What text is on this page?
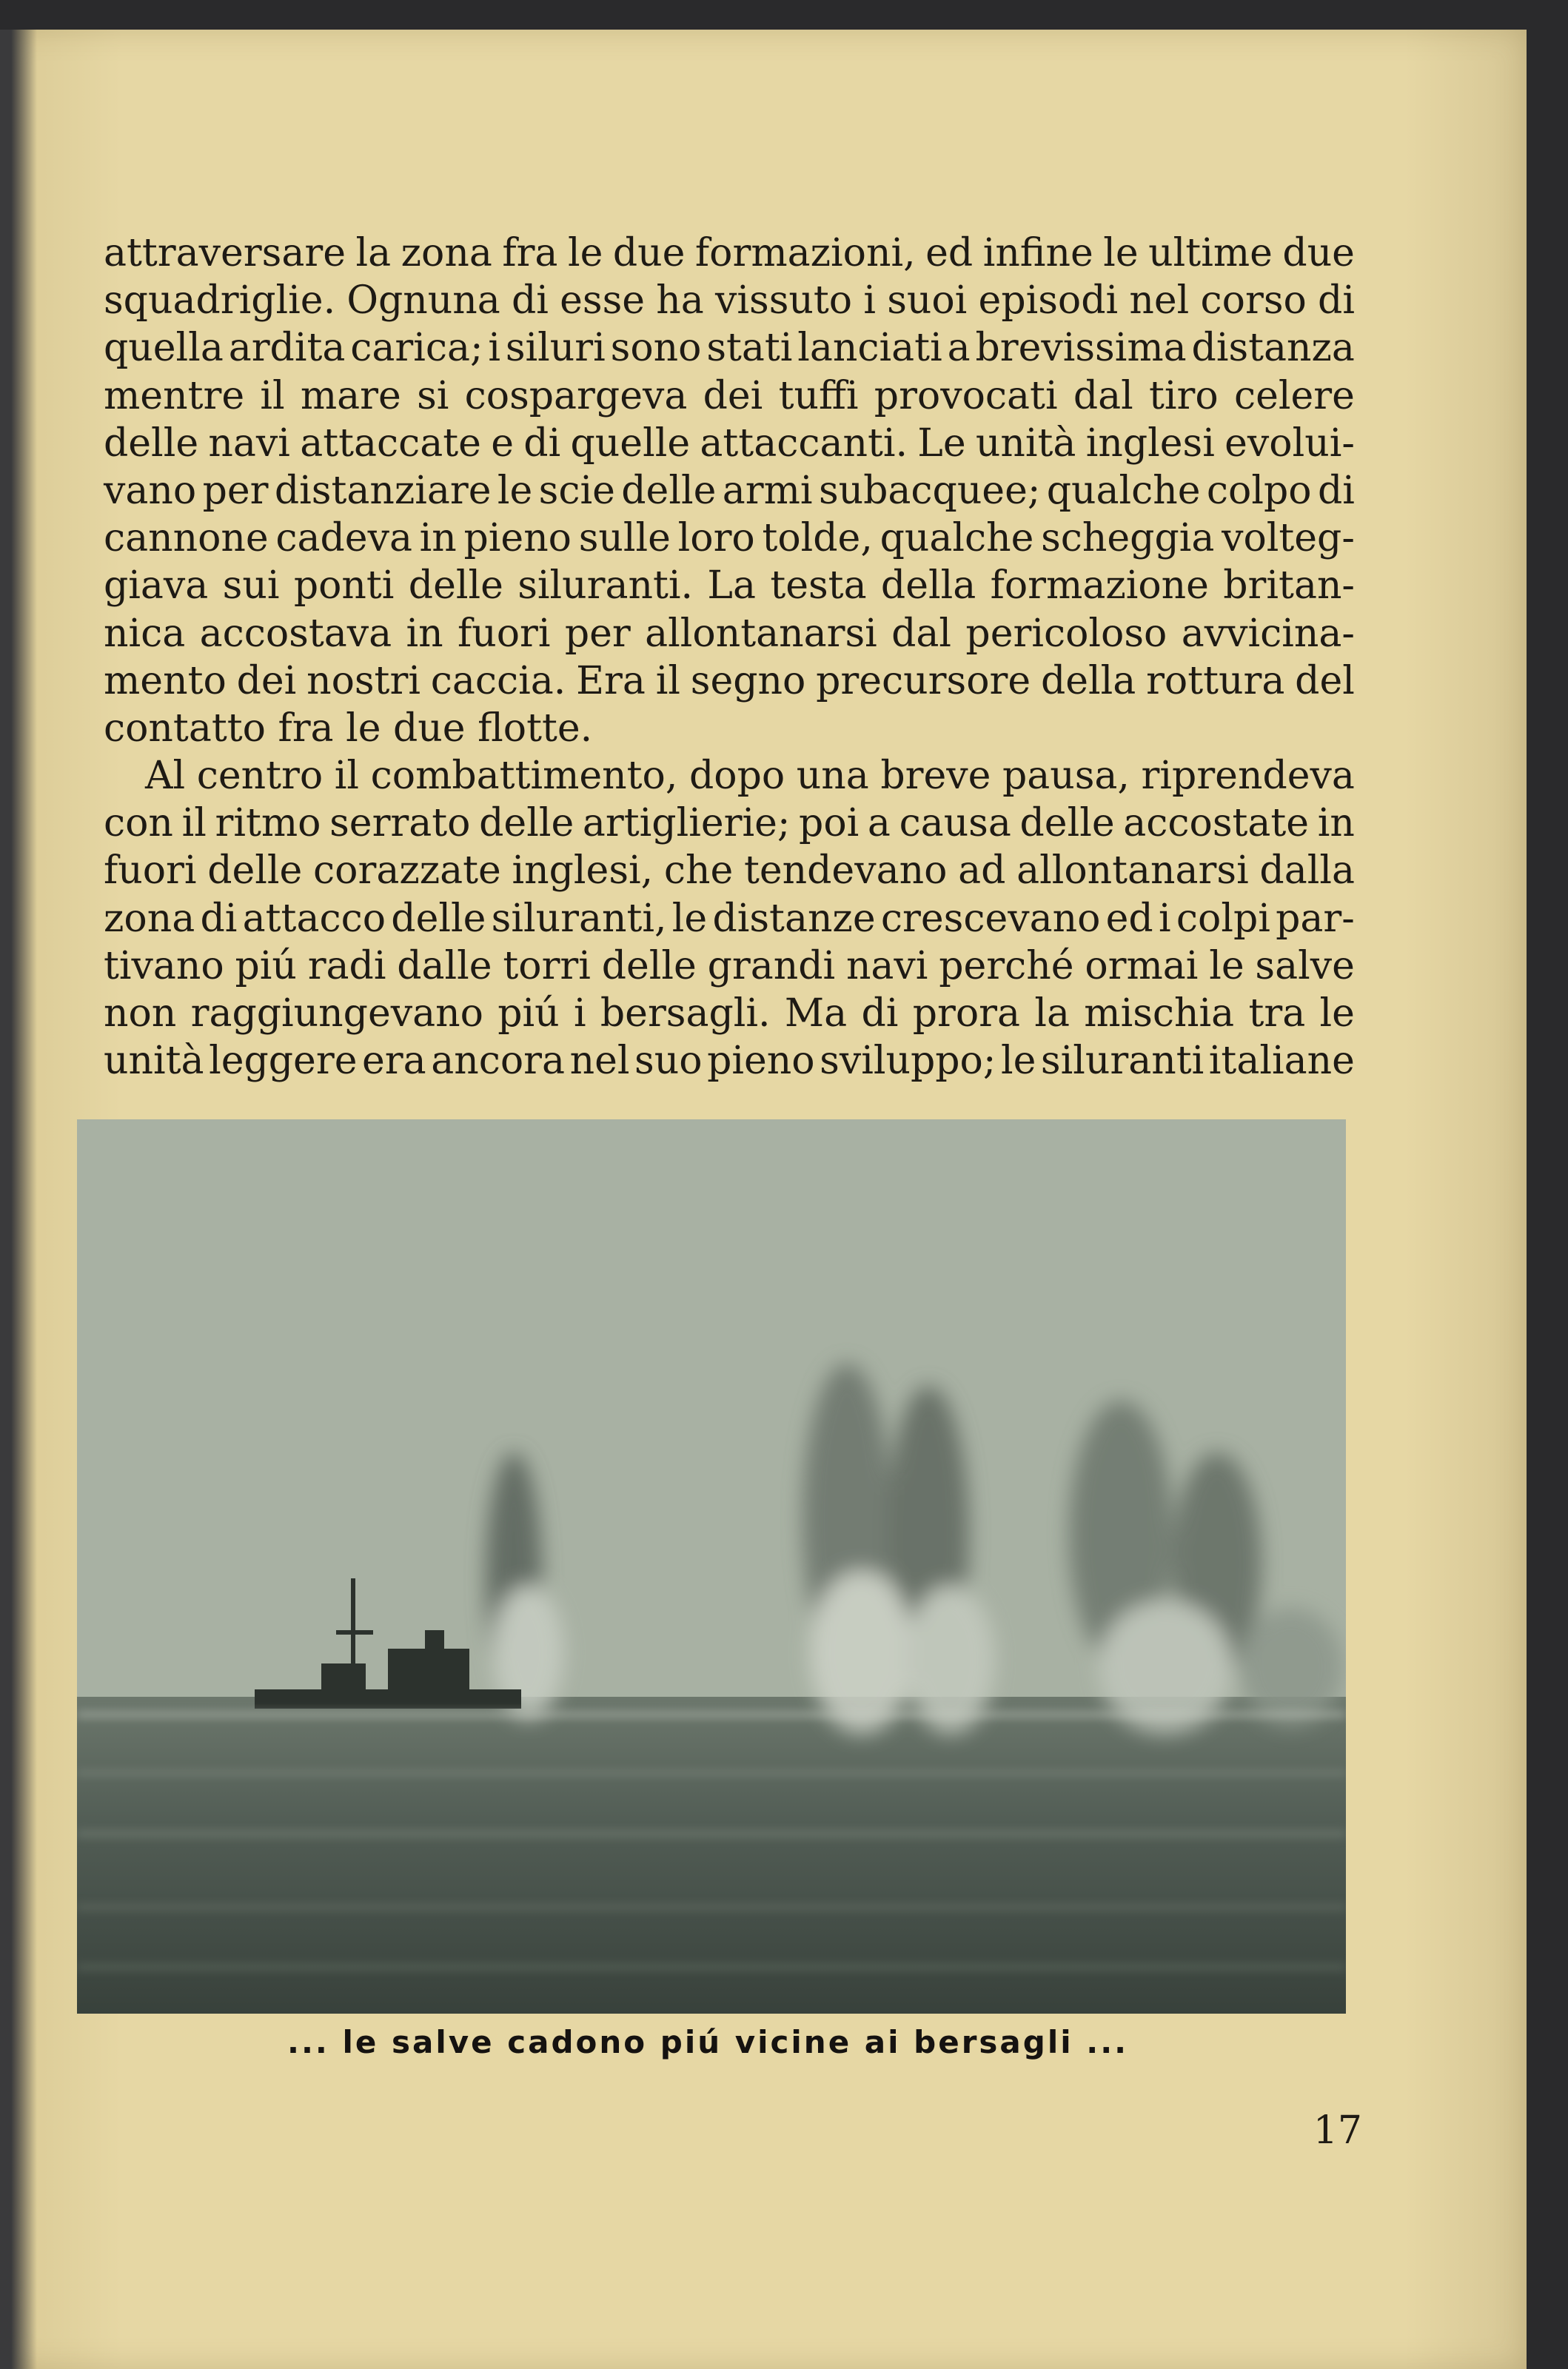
attraversare la zona fra le due formazioni, ed infine le ultime due
squadriglie. Ognuna di esse ha vissuto i suoi episodi nel corso di
quella ardita carica; i siluri sono stati lanciati a brevissima distanza
mentre il mare si cospargeva dei tuffi provocati dal tiro celere
delle navi attaccate e di quelle attaccanti. Le unità inglesi evolui-
vano per distanziare le scie delle armi subacquee; qualche colpo di
cannone cadeva in pieno sulle loro tolde, qualche scheggia volteg-
giava sui ponti delle siluranti. La testa della formazione britan-
nica accostava in fuori per allontanarsi dal pericoloso avvicina-
mento dei nostri caccia. Era il segno precursore della rottura del
contatto fra le due flotte.
Al centro il combattimento, dopo una breve pausa, riprendeva
con il ritmo serrato delle artiglierie; poi a causa delle accostate in
fuori delle corazzate inglesi, che tendevano ad allontanarsi dalla
zona di attacco delle siluranti, le distanze crescevano ed i colpi par-
tivano piú radi dalle torri delle grandi navi perché ormai le salve
non raggiungevano piú i bersagli. Ma di prora la mischia tra le
unità leggere era ancora nel suo pieno sviluppo; le siluranti italiane
... le salve cadono piú vicine ai bersagli ...
17
